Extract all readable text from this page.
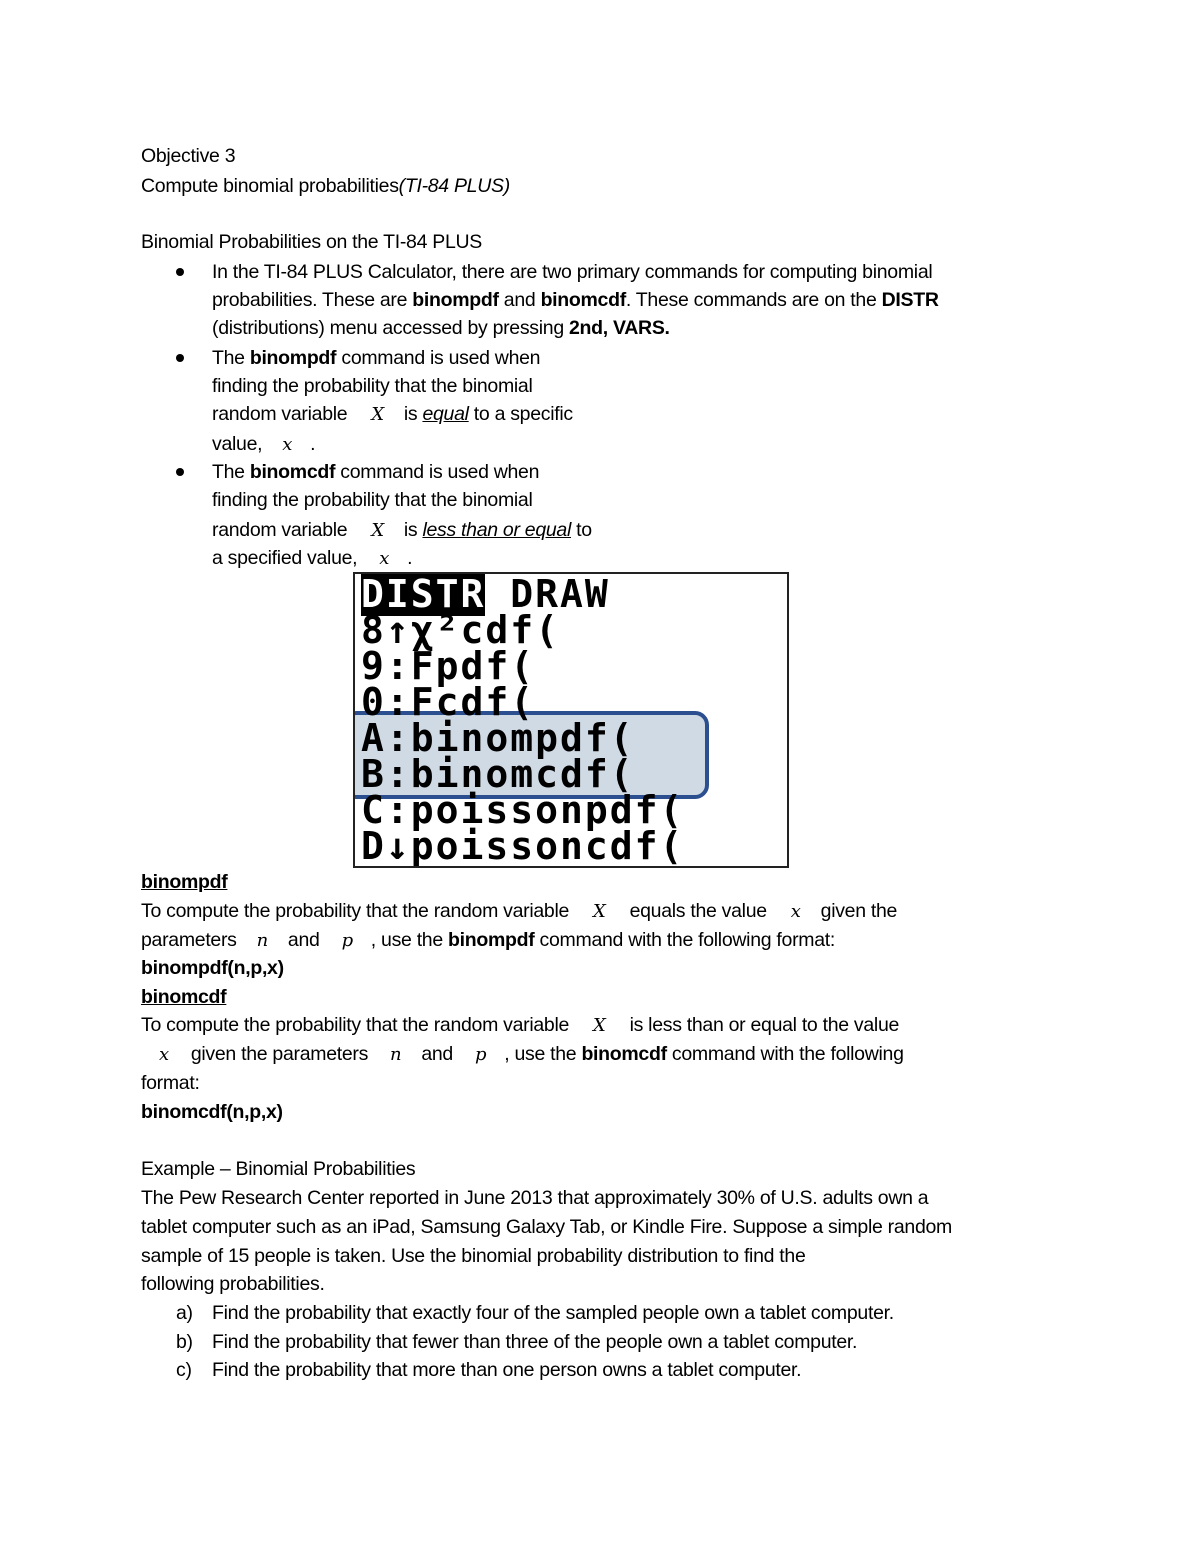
Objective 3
Compute binomial probabilities(TI-84 PLUS)
Binomial Probabilities on the TI-84 PLUS
In the TI-84 PLUS Calculator, there are two primary commands for computing binomial
probabilities. These are binompdf and binomcdf. These commands are on the DISTR
(distributions) menu accessed by pressing 2nd, VARS.
The binompdf command is used when
finding the probability that the binomial
random variable X is equal to a specific
value, x .
The binomcdf command is used when
finding the probability that the binomial
random variable X is less than or equal to
a specified value, x .
DISTR DRAW
8↑χ²cdf(
9:Fpdf(
0:Fcdf(
A:binompdf(
B:binomcdf(
C:poissonpdf(
D↓poissoncdf(
binompdf
To compute the probability that the random variable X equals the value x given the
parameters n and p , use the binompdf command with the following format:
binompdf(n,p,x)
binomcdf
To compute the probability that the random variable X is less than or equal to the value
x given the parameters n and p , use the binomcdf command with the following
format:
binomcdf(n,p,x)
Example – Binomial Probabilities
The Pew Research Center reported in June 2013 that approximately 30% of U.S. adults own a
tablet computer such as an iPad, Samsung Galaxy Tab, or Kindle Fire. Suppose a simple random
sample of 15 people is taken. Use the binomial probability distribution to find the
following probabilities.
a) Find the probability that exactly four of the sampled people own a tablet computer.
b) Find the probability that fewer than three of the people own a tablet computer.
c) Find the probability that more than one person owns a tablet computer.
